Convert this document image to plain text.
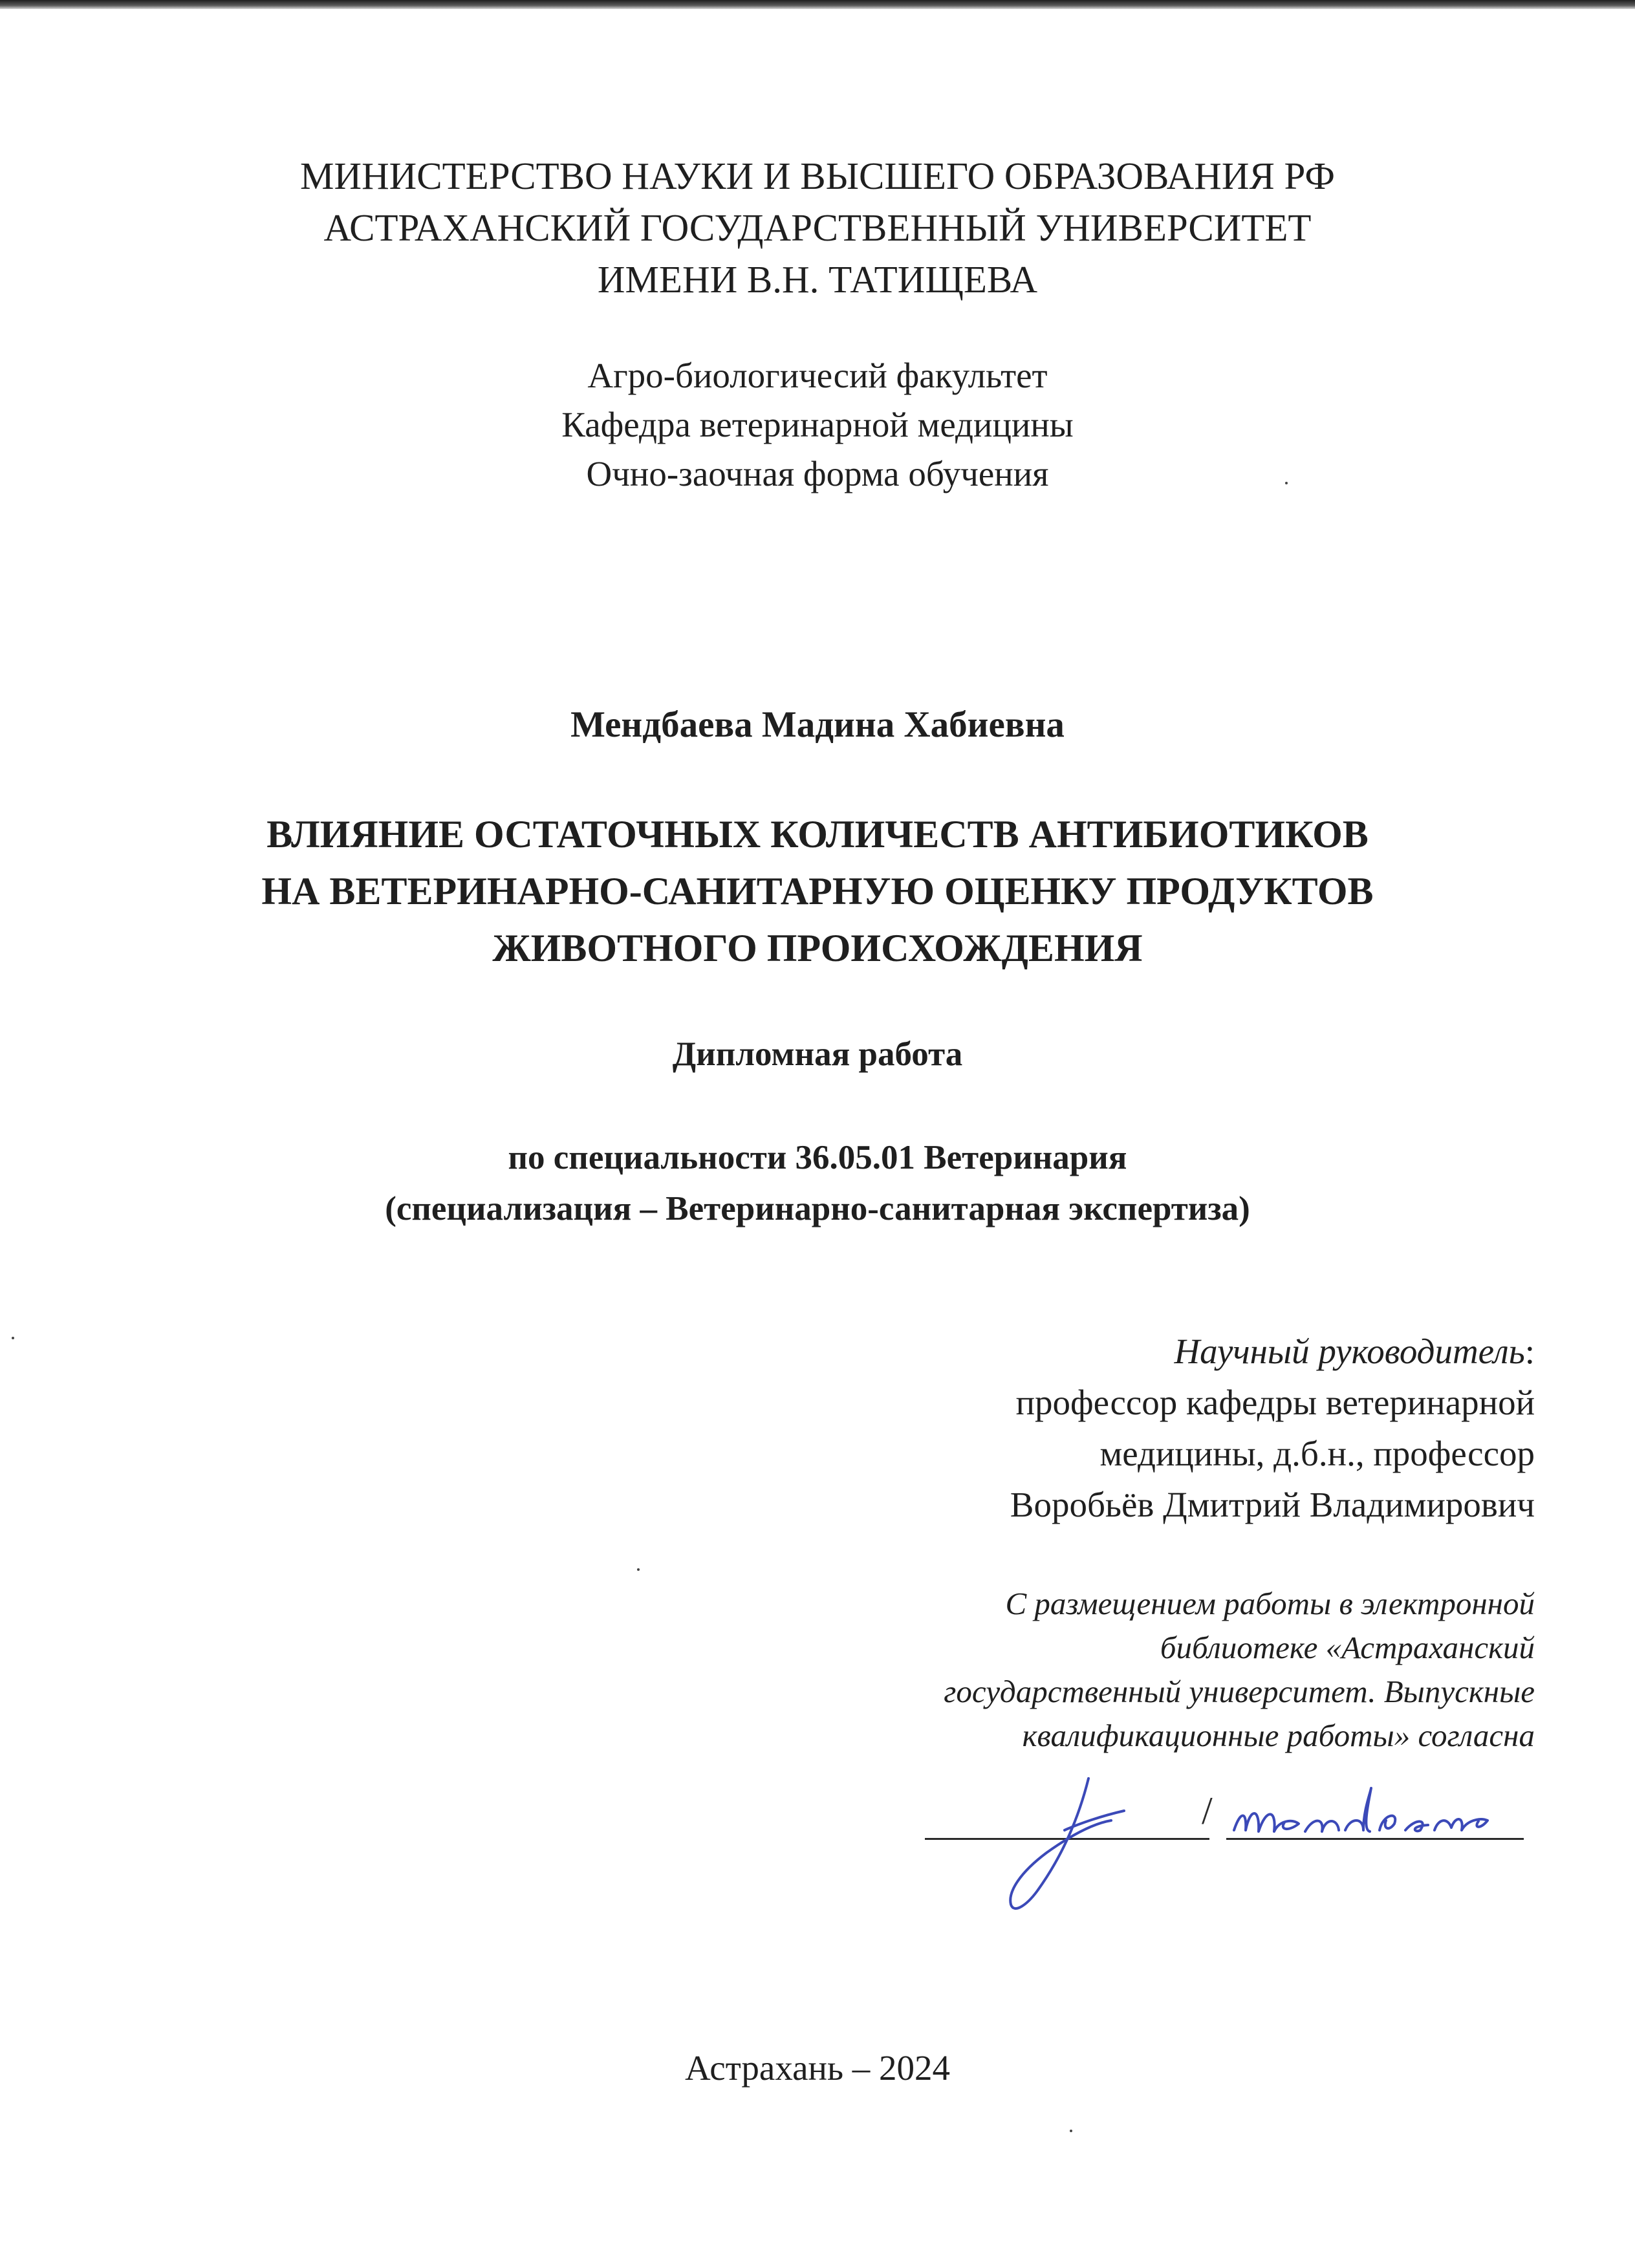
МИНИСТЕРСТВО НАУКИ И ВЫСШЕГО ОБРАЗОВАНИЯ РФ
АСТРАХАНСКИЙ ГОСУДАРСТВЕННЫЙ УНИВЕРСИТЕТ
ИМЕНИ В.Н. ТАТИЩЕВА
Агро-биологичесий факультет
Кафедра ветеринарной медицины
Очно-заочная форма обучения
Мендбаева Мадина Хабиевна
ВЛИЯНИЕ ОСТАТОЧНЫХ КОЛИЧЕСТВ АНТИБИОТИКОВ
НА ВЕТЕРИНАРНО-САНИТАРНУЮ ОЦЕНКУ ПРОДУКТОВ
ЖИВОТНОГО ПРОИСХОЖДЕНИЯ
Дипломная работа
по специальности 36.05.01 Ветеринария
(специализация – Ветеринарно-санитарная экспертиза)
Научный руководитель:
профессор кафедры ветеринарной
медицины, д.б.н., профессор
Воробьёв Дмитрий Владимирович
С размещением работы в электронной
библиотеке «Астраханский
государственный университет. Выпускные
квалификационные работы» согласна
/
Астрахань – 2024
